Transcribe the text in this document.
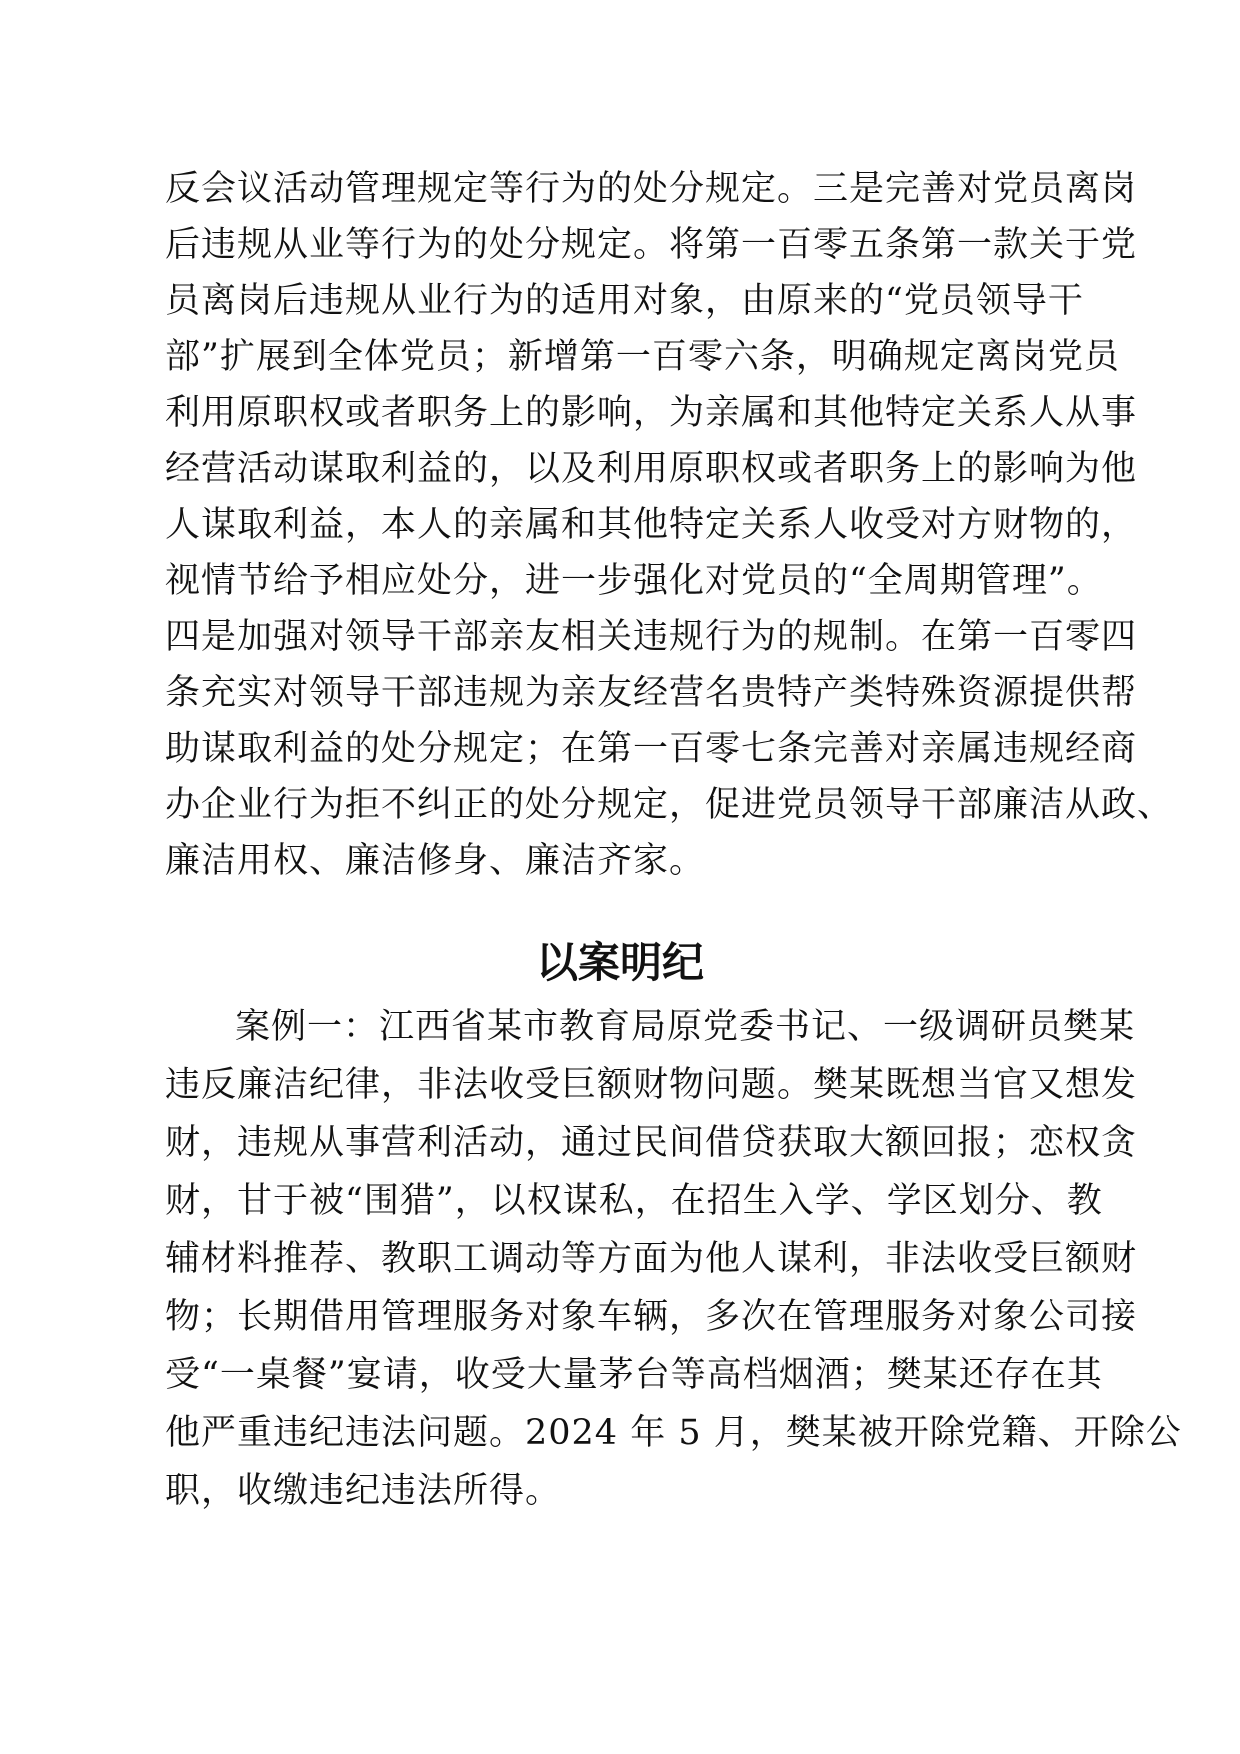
反会议活动管理规定等行为的处分规定。三是完善对党员离岗
后违规从业等行为的处分规定。将第一百零五条第一款关于党
员离岗后违规从业行为的适用对象，由原来的“党员领导干
部”扩展到全体党员；新增第一百零六条，明确规定离岗党员
利用原职权或者职务上的影响，为亲属和其他特定关系人从事
经营活动谋取利益的，以及利用原职权或者职务上的影响为他
人谋取利益，本人的亲属和其他特定关系人收受对方财物的，
视情节给予相应处分，进一步强化对党员的“全周期管理”。
四是加强对领导干部亲友相关违规行为的规制。在第一百零四
条充实对领导干部违规为亲友经营名贵特产类特殊资源提供帮
助谋取利益的处分规定；在第一百零七条完善对亲属违规经商
办企业行为拒不纠正的处分规定，促进党员领导干部廉洁从政、
廉洁用权、廉洁修身、廉洁齐家。
以案明纪
案例一：江西省某市教育局原党委书记、一级调研员樊某
违反廉洁纪律，非法收受巨额财物问题。樊某既想当官又想发
财，违规从事营利活动，通过民间借贷获取大额回报；恋权贪
财，甘于被“围猎”，以权谋私，在招生入学、学区划分、教
辅材料推荐、教职工调动等方面为他人谋利，非法收受巨额财
物；长期借用管理服务对象车辆，多次在管理服务对象公司接
受“一桌餐”宴请，收受大量茅台等高档烟酒；樊某还存在其
他严重违纪违法问题。2024 年 5 月，樊某被开除党籍、开除公
职，收缴违纪违法所得。
